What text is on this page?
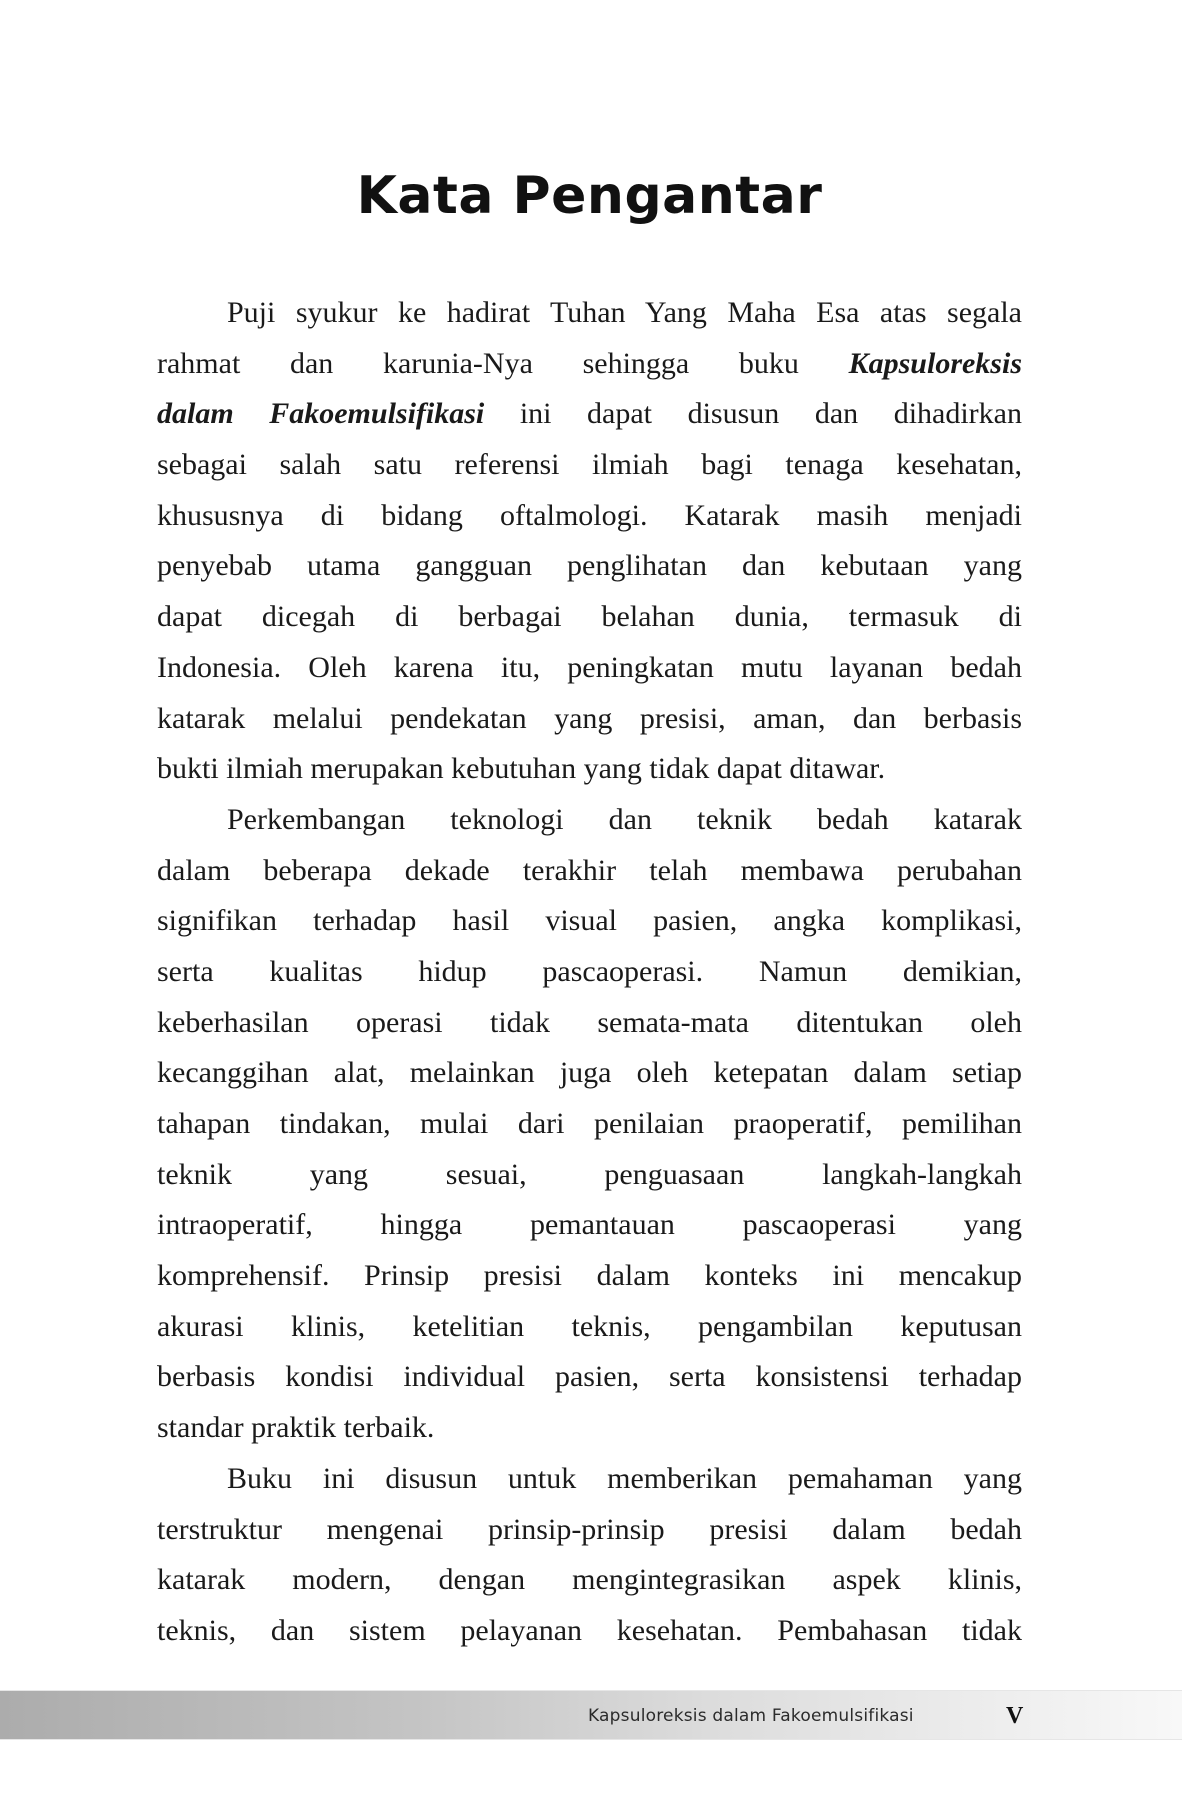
Kata Pengantar
Puji syukur ke hadirat Tuhan Yang Maha Esa atas segala
rahmat dan karunia-Nya sehingga buku Kapsuloreksis
dalam Fakoemulsifikasi ini dapat disusun dan dihadirkan
sebagai salah satu referensi ilmiah bagi tenaga kesehatan,
khususnya di bidang oftalmologi. Katarak masih menjadi
penyebab utama gangguan penglihatan dan kebutaan yang
dapat dicegah di berbagai belahan dunia, termasuk di
Indonesia. Oleh karena itu, peningkatan mutu layanan bedah
katarak melalui pendekatan yang presisi, aman, dan berbasis
bukti ilmiah merupakan kebutuhan yang tidak dapat ditawar.
Perkembangan teknologi dan teknik bedah katarak
dalam beberapa dekade terakhir telah membawa perubahan
signifikan terhadap hasil visual pasien, angka komplikasi,
serta kualitas hidup pascaoperasi. Namun demikian,
keberhasilan operasi tidak semata-mata ditentukan oleh
kecanggihan alat, melainkan juga oleh ketepatan dalam setiap
tahapan tindakan, mulai dari penilaian praoperatif, pemilihan
teknik yang sesuai, penguasaan langkah-langkah
intraoperatif, hingga pemantauan pascaoperasi yang
komprehensif. Prinsip presisi dalam konteks ini mencakup
akurasi klinis, ketelitian teknis, pengambilan keputusan
berbasis kondisi individual pasien, serta konsistensi terhadap
standar praktik terbaik.
Buku ini disusun untuk memberikan pemahaman yang
terstruktur mengenai prinsip-prinsip presisi dalam bedah
katarak modern, dengan mengintegrasikan aspek klinis,
teknis, dan sistem pelayanan kesehatan. Pembahasan tidak
Kapsuloreksis dalam Fakoemulsifikasi	V
